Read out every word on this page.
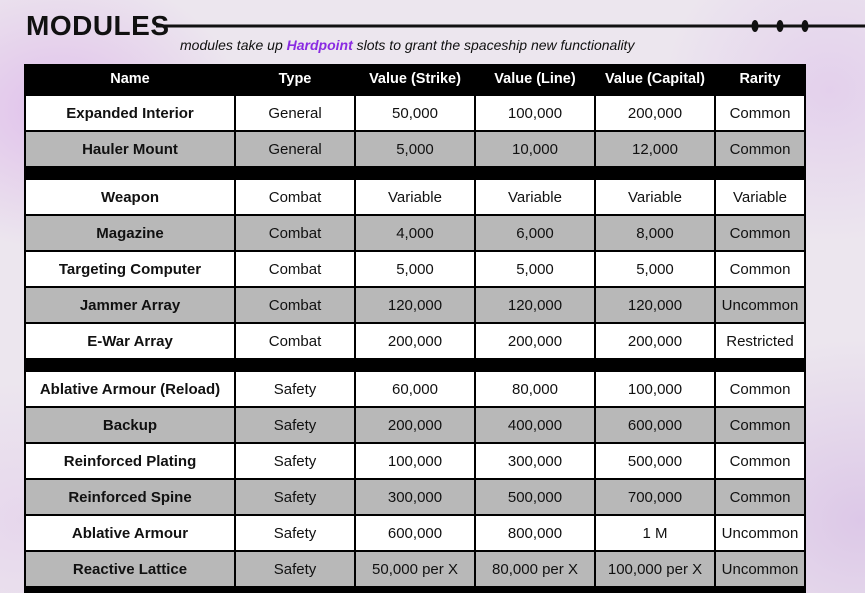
MODULES
modules take up Hardpoint slots to grant the spaceship new functionality
Name	Type	Value (Strike)	Value (Line)	Value (Capital)	Rarity
Expanded Interior	General	50,000	100,000	200,000	Common
Hauler Mount	General	5,000	10,000	12,000	Common

Weapon	Combat	Variable	Variable	Variable	Variable
Magazine	Combat	4,000	6,000	8,000	Common
Targeting Computer	Combat	5,000	5,000	5,000	Common
Jammer Array	Combat	120,000	120,000	120,000	Uncommon
E-War Array	Combat	200,000	200,000	200,000	Restricted

Ablative Armour (Reload)	Safety	60,000	80,000	100,000	Common
Backup	Safety	200,000	400,000	600,000	Common
Reinforced Plating	Safety	100,000	300,000	500,000	Common
Reinforced Spine	Safety	300,000	500,000	700,000	Common
Ablative Armour	Safety	600,000	800,000	1 M	Uncommon
Reactive Lattice	Safety	50,000 per X	80,000 per X	100,000 per X	Uncommon
